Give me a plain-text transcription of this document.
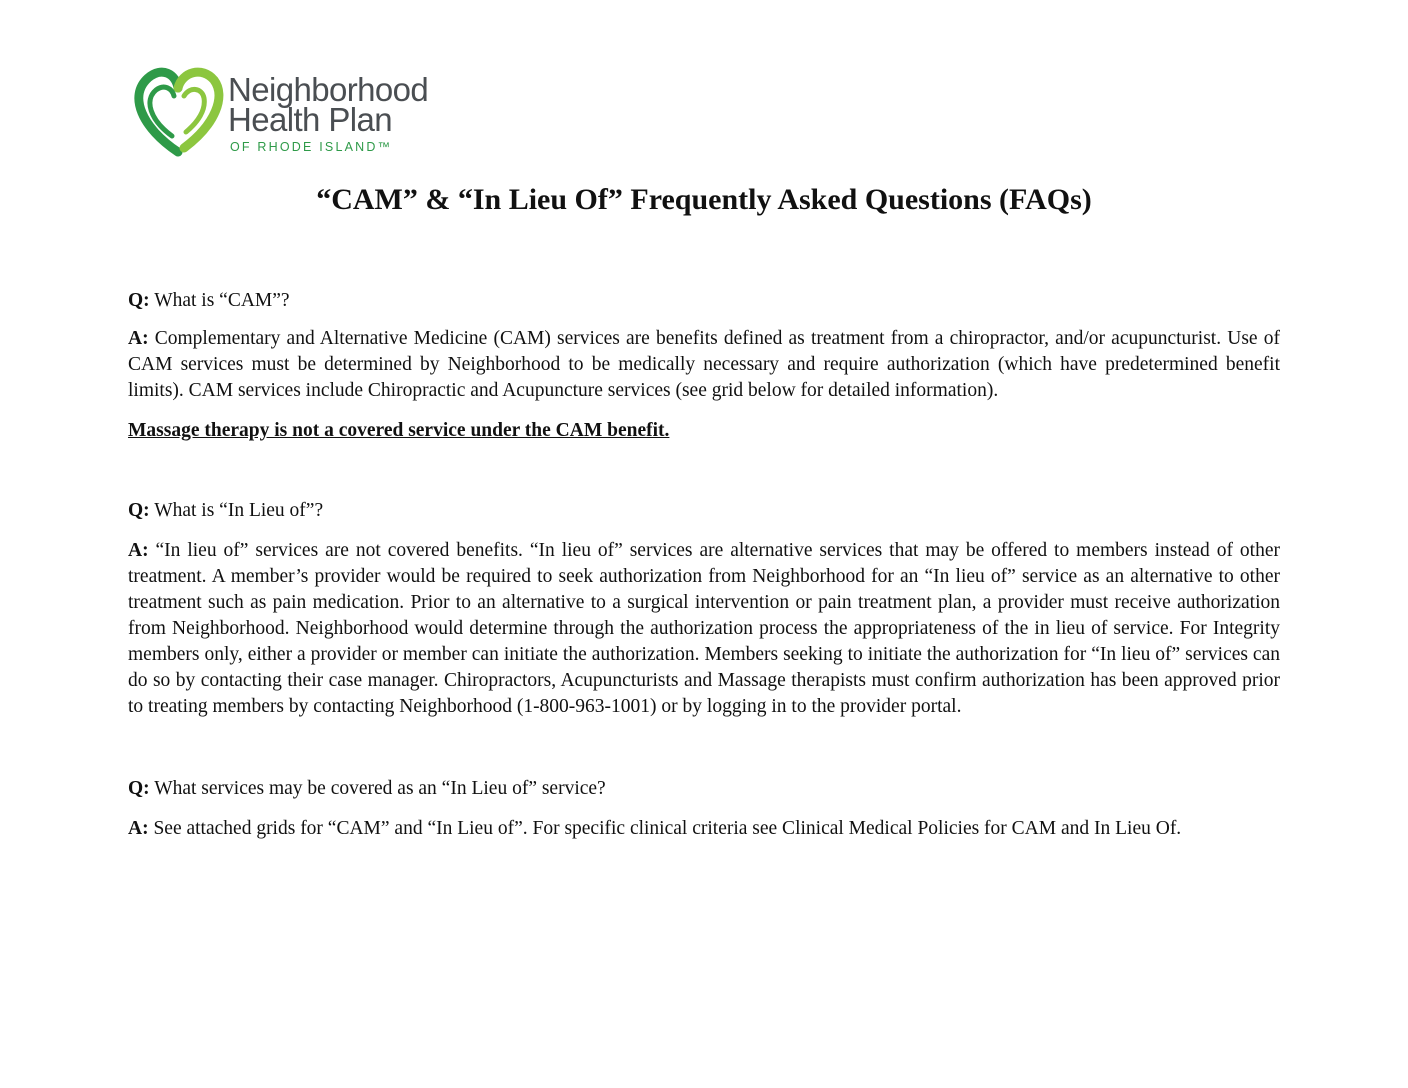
Neighborhood
Health Plan
OF RHODE ISLAND™
“CAM” & “In Lieu Of” Frequently Asked Questions (FAQs)

Q: What is “CAM”?

A: Complementary and Alternative Medicine (CAM) services are benefits defined as treatment from a chiropractor, and/or acupuncturist. Use of CAM services must be determined by Neighborhood to be medically necessary and require authorization (which have predetermined benefit limits). CAM services include Chiropractic and Acupuncture services (see grid below for detailed information).

Massage therapy is not a covered service under the CAM benefit.

Q: What is “In Lieu of”?

A: “In lieu of” services are not covered benefits. “In lieu of” services are alternative services that may be offered to members instead of other treatment. A member’s provider would be required to seek authorization from Neighborhood for an “In lieu of” service as an alternative to other treatment such as pain medication. Prior to an alternative to a surgical intervention or pain treatment plan, a provider must receive authorization from Neighborhood. Neighborhood would determine through the authorization process the appropriateness of the in lieu of service. For Integrity members only, either a provider or member can initiate the authorization. Members seeking to initiate the authorization for “In lieu of” services can do so by contacting their case manager. Chiropractors, Acupuncturists and Massage therapists must confirm authorization has been approved prior to treating members by contacting Neighborhood (1-800-963-1001) or by logging in to the provider portal.

Q: What services may be covered as an “In Lieu of” service?

A: See attached grids for “CAM” and “In Lieu of”. For specific clinical criteria see Clinical Medical Policies for CAM and In Lieu Of.
